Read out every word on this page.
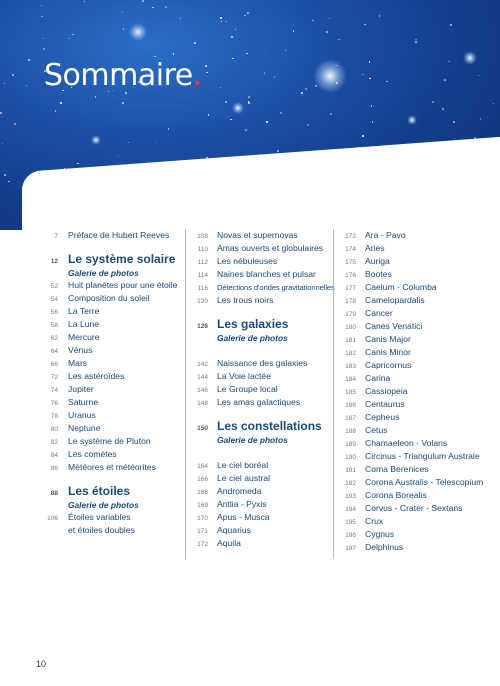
Sommaire.
7	Préface de Hubert Reeves
12 Le système solaire
Galerie de photos
52	Huit planètes pour une étoile
54	Composition du soleil
56	La Terre
58	La Lune
62	Mercure
64	Vénus
66	Mars
72	Les astéroïdes
74	Jupiter
76	Saturne
78	Uranus
80	Neptune
82	Le système de Pluton
84	Les comètes
86	Météores et météorites
88 Les étoiles
Galerie de photos
106	Étoiles variables
et étoiles doubles
108	Novas et supernovas
110	Amas ouverts et globulaires
112	Les nébuleuses
114	Naines blanches et pulsar
116	Détections d'ondes gravitationnelles
120	Les trous noirs
126 Les galaxies
Galerie de photos
142	Naissance des galaxies
144	La Voie lactée
146	Le Groupe local
148	Les amas galactiques
150 Les constellations
Galerie de photos
164	Le ciel boréal
166	Le ciel austral
168	Andromeda
169	Antlia - Pyxis
170	Apus - Musca
171	Aquarius
172	Aquila
173	Ara - Pavo
174	Aries
175	Auriga
176	Bootes
177	Caelum - Columba
178	Camelopardalis
179	Cancer
180	Canes Venatici
181	Canis Major
182	Canis Minor
183	Capricornus
184	Carina
185	Cassiopeia
186	Centaurus
187	Cepheus
188	Cetus
189	Chamaeleon - Volans
190	Circinus - Triangulum Australe
191	Coma Berenices
192	Corona Australis - Telescopium
193	Corona Borealis
194	Corvus - Crater - Sextans
195	Crux
196	Cygnus
197	Delphinus
10
